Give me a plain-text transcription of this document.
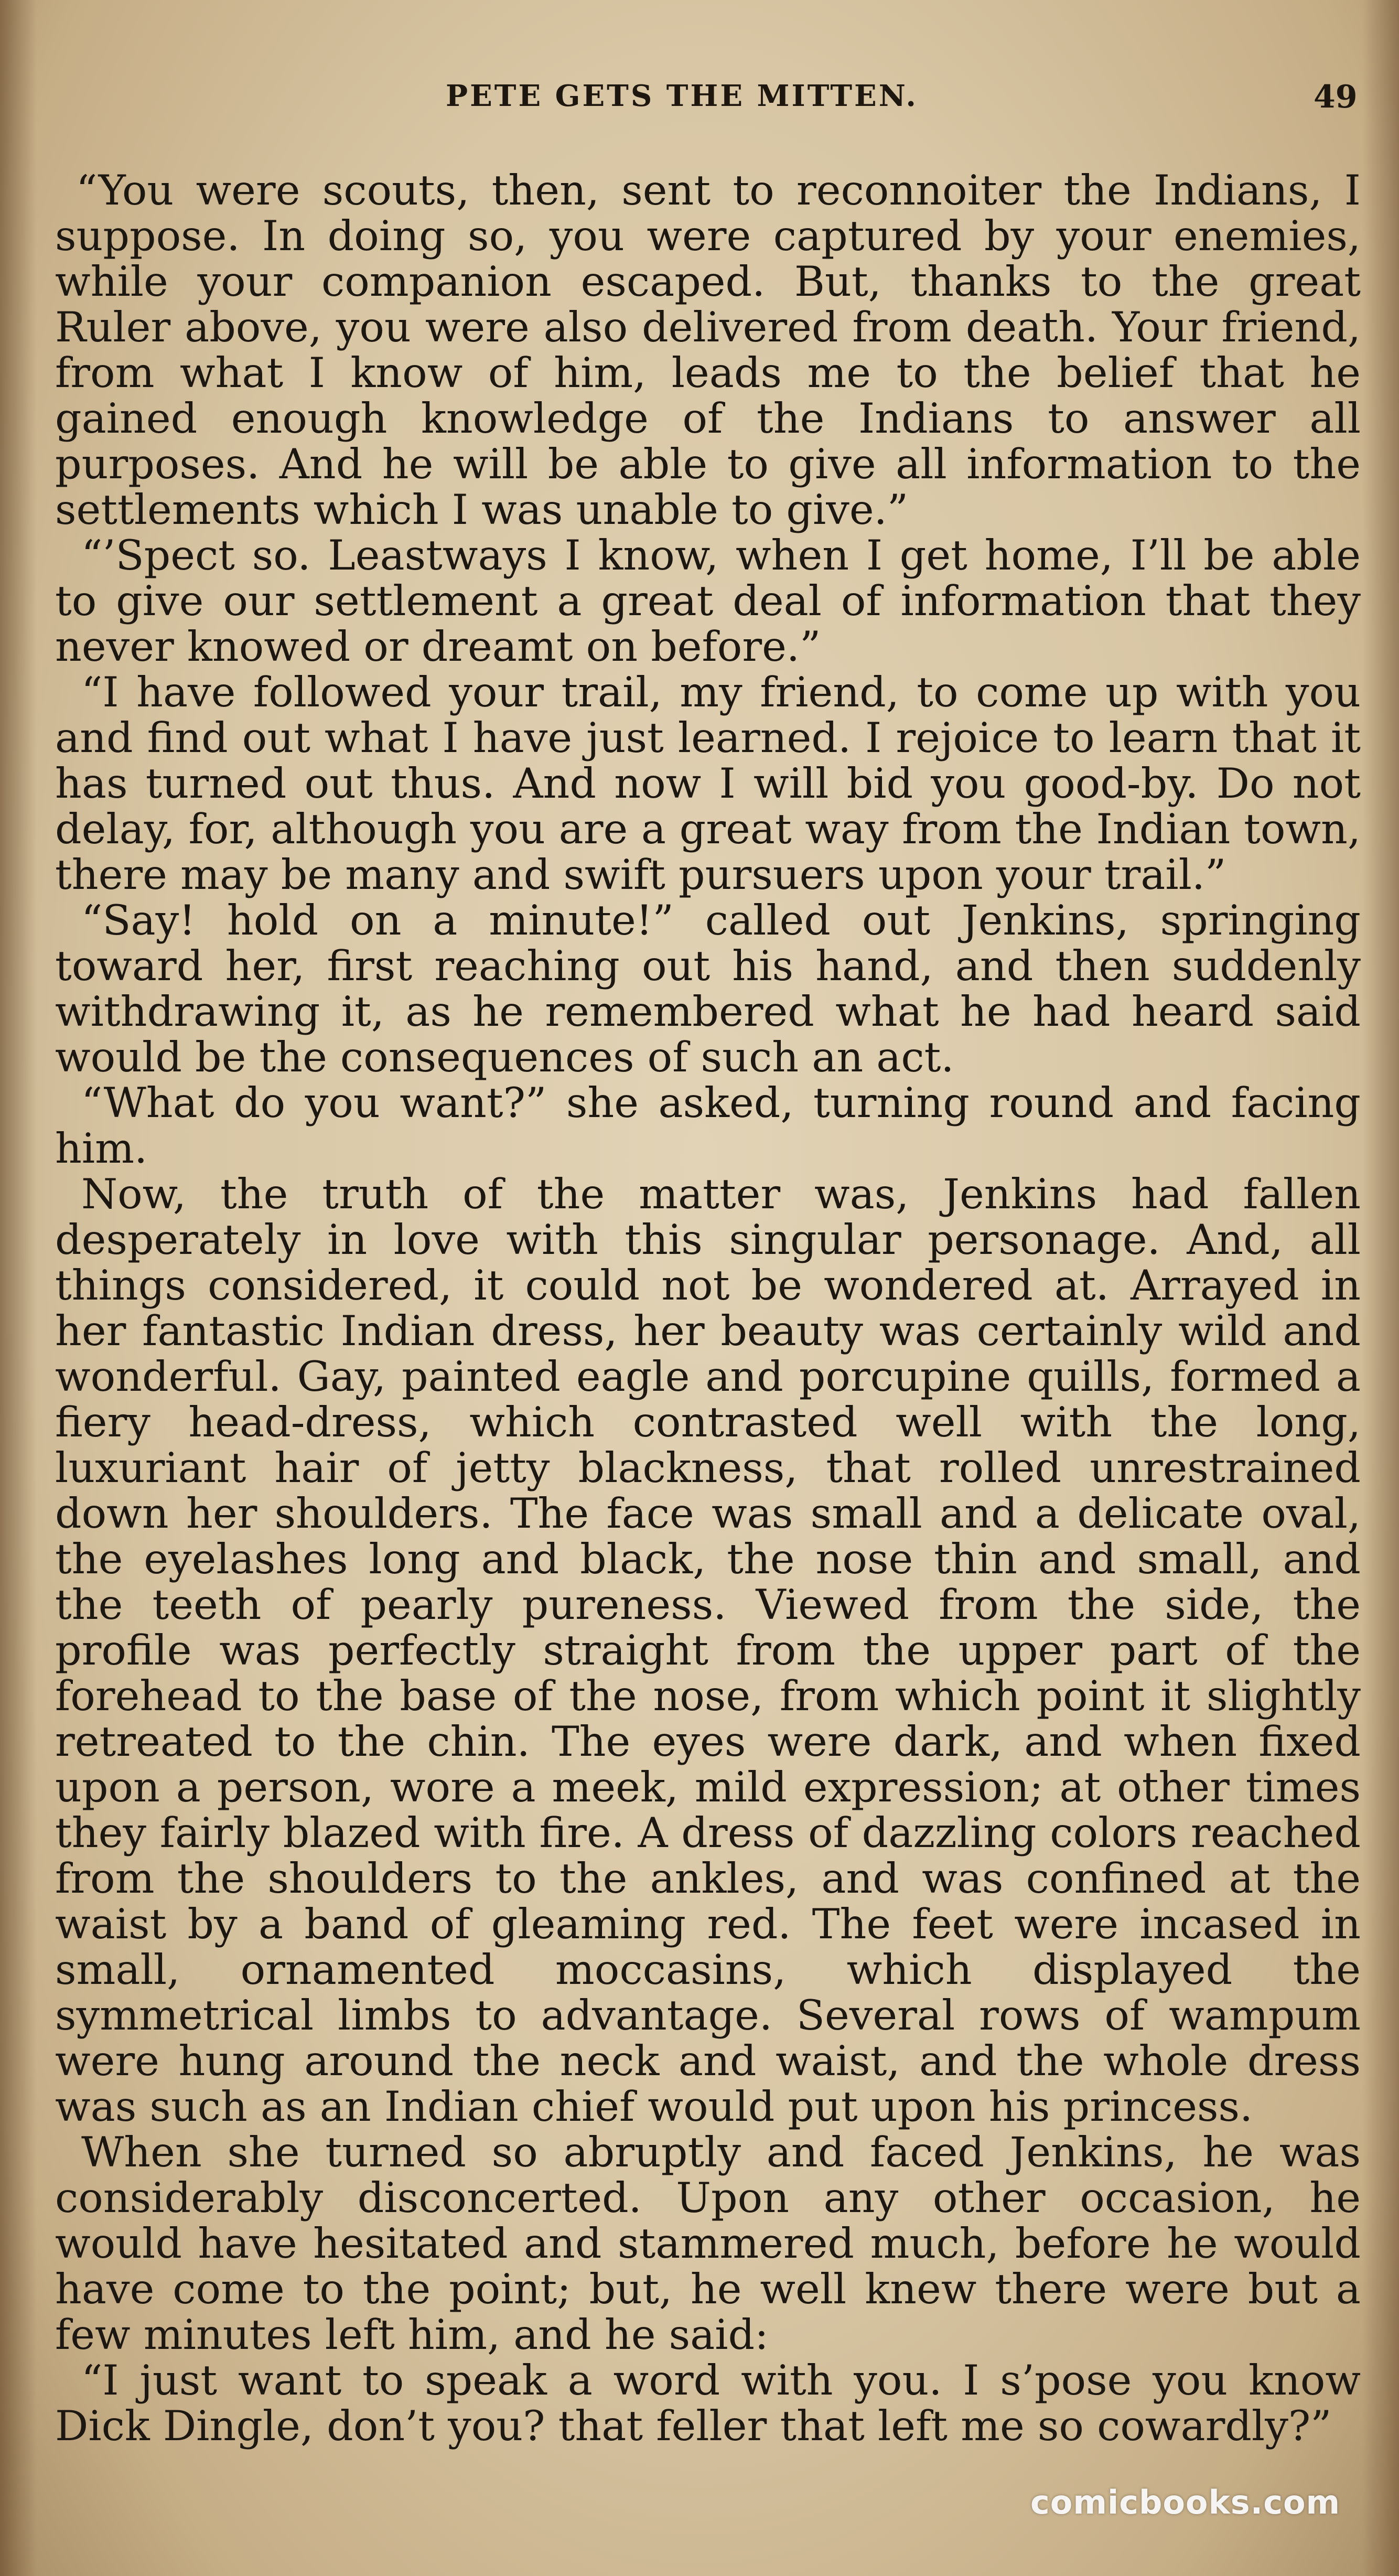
PETE GETS THE MITTEN.	49

“You were scouts, then, sent to reconnoiter the Indians, I suppose. In doing so, you were captured by your enemies, while your companion escaped. But, thanks to the great Ruler above, you were also delivered from death. Your friend, from what I know of him, leads me to the belief that he gained enough knowledge of the Indians to answer all purposes. And he will be able to give all information to the settlements which I was unable to give.”

“’Spect so. Leastways I know, when I get home, I’ll be able to give our settlement a great deal of information that they never knowed or dreamt on before.”

“I have followed your trail, my friend, to come up with you and find out what I have just learned. I rejoice to learn that it has turned out thus. And now I will bid you good-by. Do not delay, for, although you are a great way from the Indian town, there may be many and swift pursuers upon your trail.”

“Say! hold on a minute!” called out Jenkins, springing toward her, first reaching out his hand, and then suddenly withdrawing it, as he remembered what he had heard said would be the consequences of such an act.

“What do you want?” she asked, turning round and facing him.

Now, the truth of the matter was, Jenkins had fallen desperately in love with this singular personage. And, all things considered, it could not be wondered at. Arrayed in her fantastic Indian dress, her beauty was certainly wild and wonderful. Gay, painted eagle and porcupine quills, formed a fiery head-dress, which contrasted well with the long, luxuriant hair of jetty blackness, that rolled unrestrained down her shoulders. The face was small and a delicate oval, the eyelashes long and black, the nose thin and small, and the teeth of pearly pureness. Viewed from the side, the profile was perfectly straight from the upper part of the forehead to the base of the nose, from which point it slightly retreated to the chin. The eyes were dark, and when fixed upon a person, wore a meek, mild expression; at other times they fairly blazed with fire. A dress of dazzling colors reached from the shoulders to the ankles, and was confined at the waist by a band of gleaming red. The feet were incased in small, ornamented moccasins, which displayed the symmetrical limbs to advantage. Several rows of wampum were hung around the neck and waist, and the whole dress was such as an Indian chief would put upon his princess.

When she turned so abruptly and faced Jenkins, he was considerably disconcerted. Upon any other occasion, he would have hesitated and stammered much, before he would have come to the point; but, he well knew there were but a few minutes left him, and he said:

“I just want to speak a word with you. I s’pose you know Dick Dingle, don’t you? that feller that left me so cowardly?”

comicbooks.com
